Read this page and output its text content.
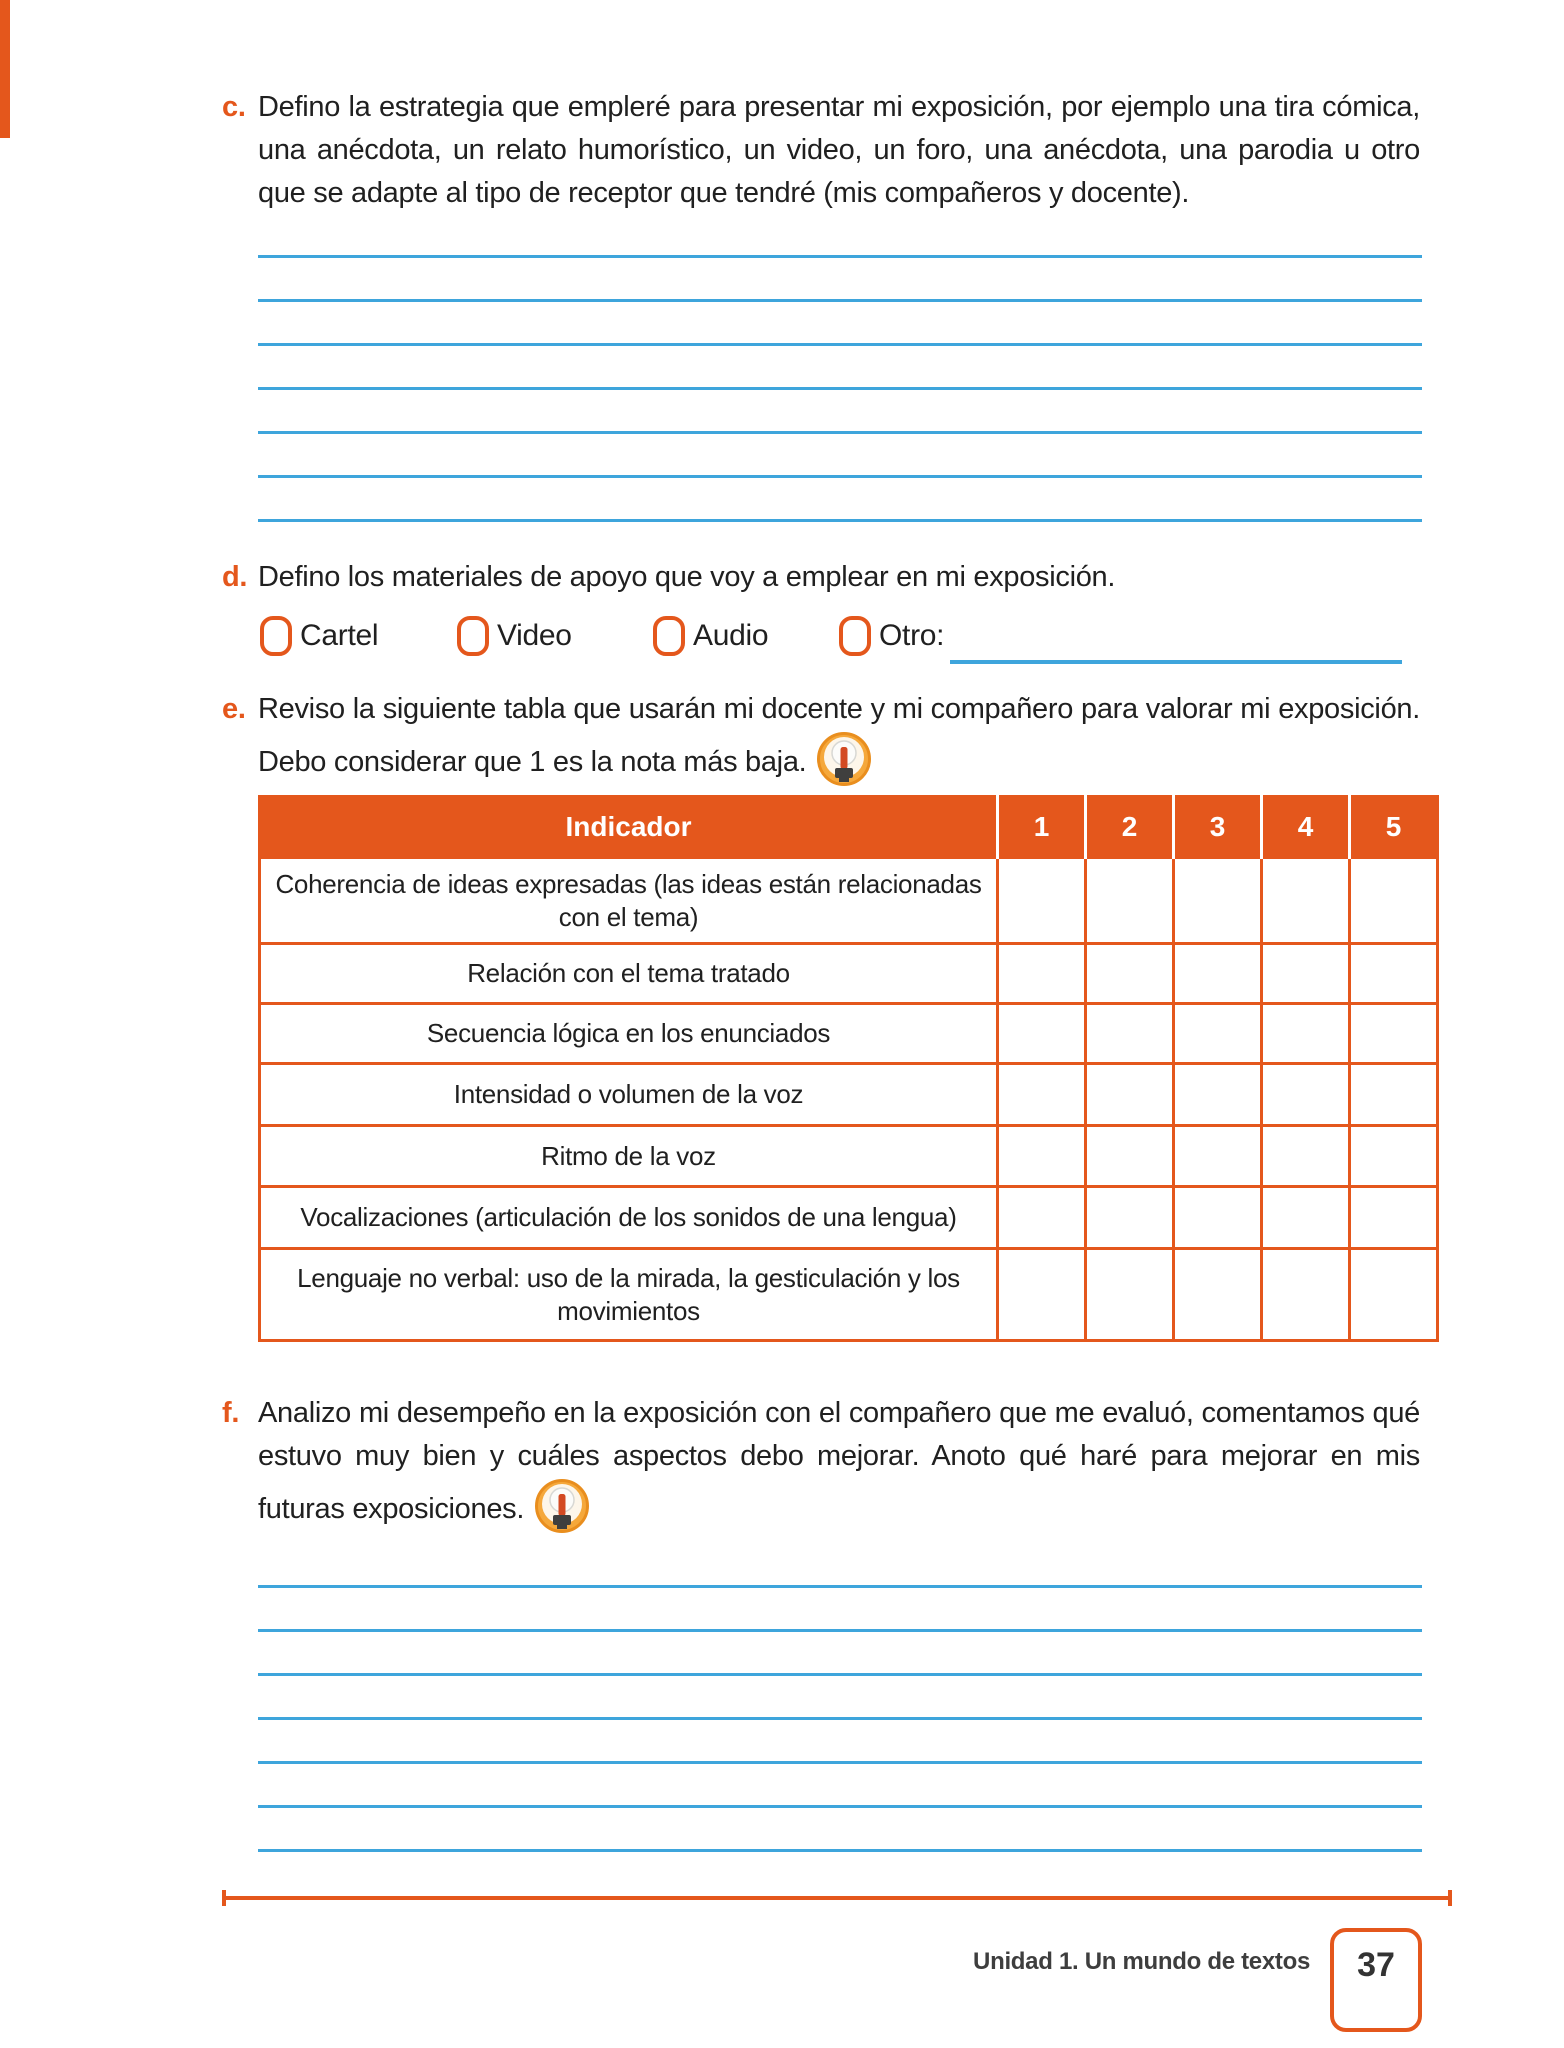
c. Defino la estrategia que empleré para presentar mi exposición, por ejemplo una tira cómica, una anécdota, un relato humorístico, un video, un foro, una anécdota, una parodia u otro que se adapte al tipo de receptor que tendré (mis compañeros y docente).
d. Defino los materiales de apoyo que voy a emplear en mi exposición.
Cartel	Video	Audio	Otro:
e. Reviso la siguiente tabla que usarán mi docente y mi compañero para valorar mi exposición. Debo considerar que 1 es la nota más baja.
Indicador	1	2	3	4	5
Coherencia de ideas expresadas (las ideas están relacionadas con el tema)					
Relación con el tema tratado					
Secuencia lógica en los enunciados					
Intensidad o volumen de la voz					
Ritmo de la voz					
Vocalizaciones (articulación de los sonidos de una lengua)					
Lenguaje no verbal: uso de la mirada, la gesticulación y los movimientos					
f. Analizo mi desempeño en la exposición con el compañero que me evaluó, comentamos qué estuvo muy bien y cuáles aspectos debo mejorar. Anoto qué haré para mejorar en mis futuras exposiciones.
Unidad 1. Un mundo de textos 37
